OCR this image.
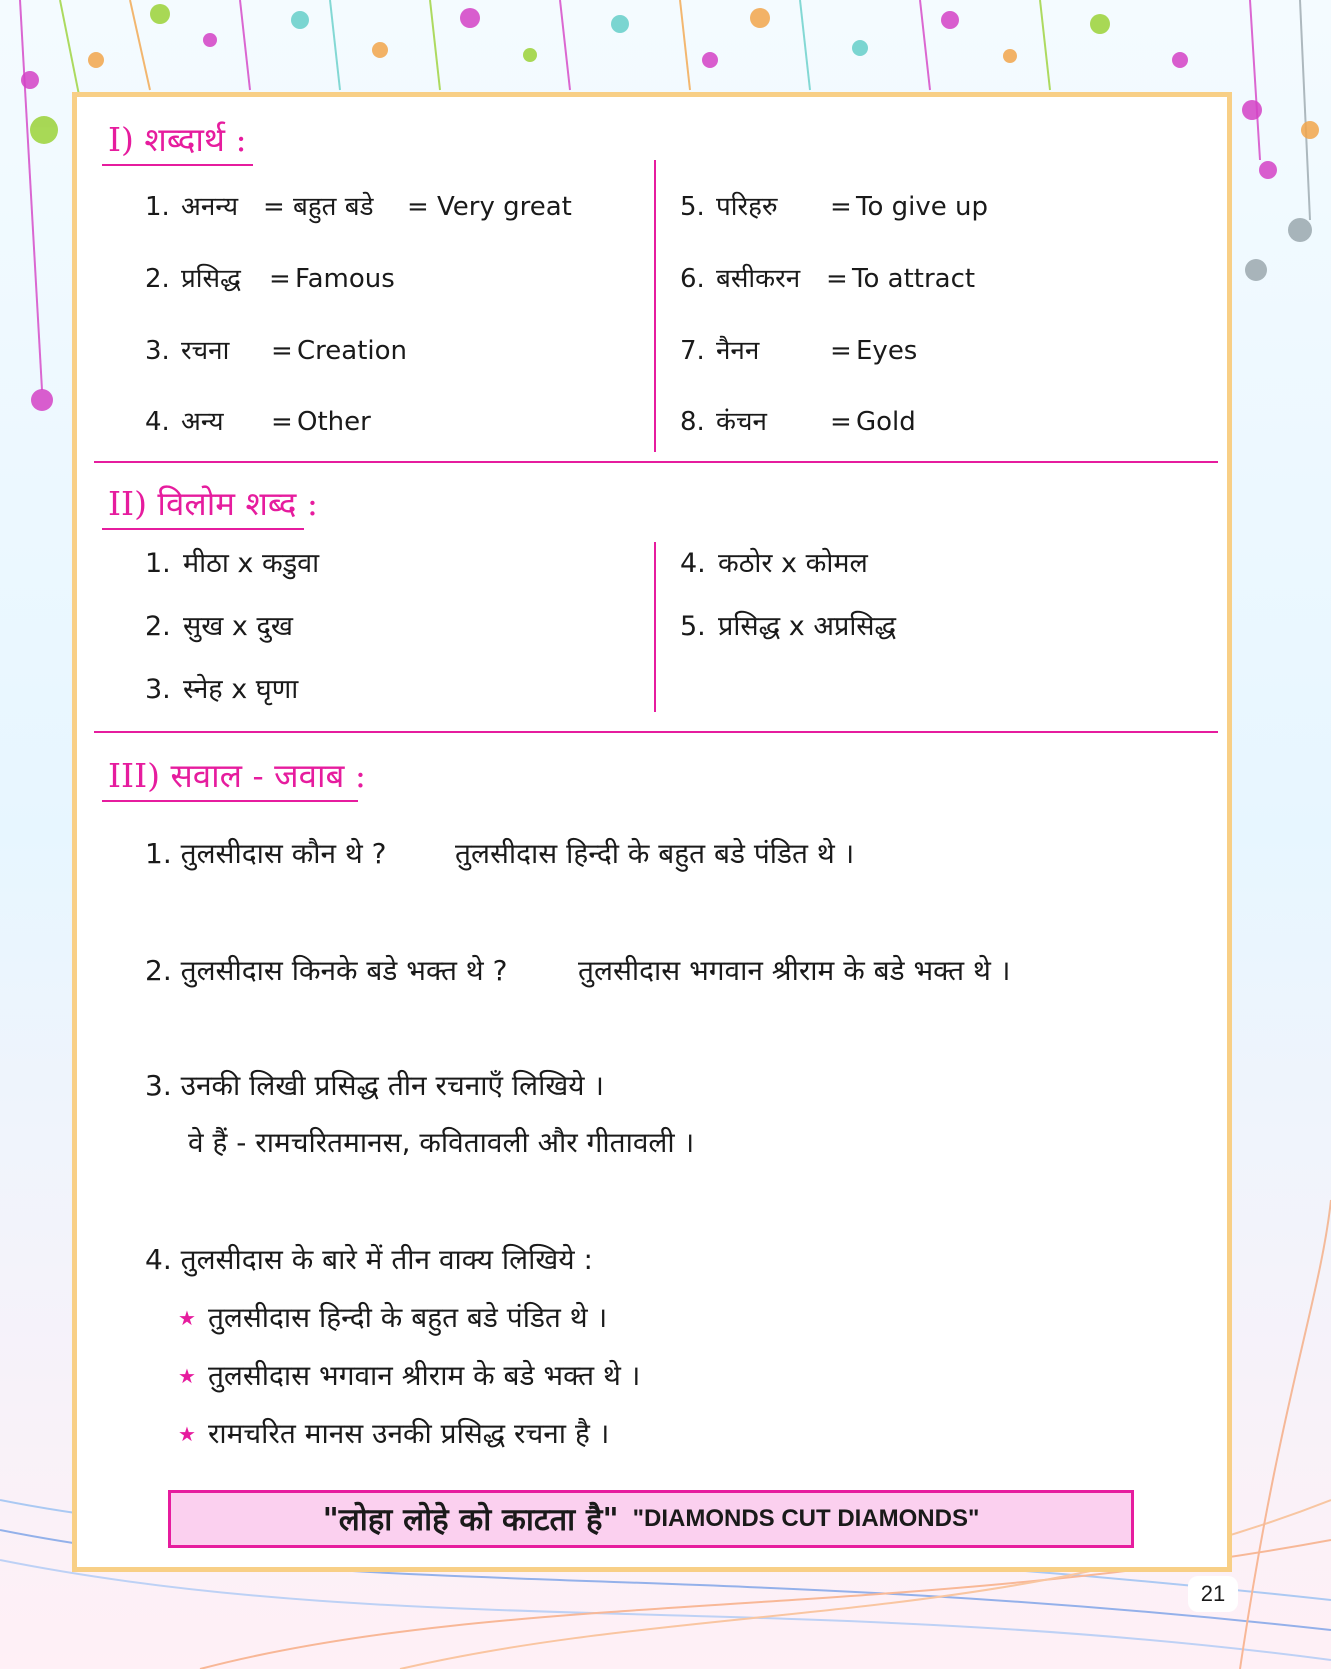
I) शब्दार्थ :
1. अनन्य = बहुत बडे = Very great
2. प्रसिद्ध = Famous
3. रचना = Creation
4. अन्य = Other
5. परिहरु = To give up
6. बसीकरन = To attract
7. नैनन	= Eyes
8. कंचन = Gold
II) विलोम शब्द :
1. मीठा x कडुवा
2. सुख x दुख
3. स्नेह x घृणा
4. कठोर x कोमल
5. प्रसिद्ध x अप्रसिद्ध
III) सवाल - जवाब :
1. तुलसीदास कौन थे ? तुलसीदास हिन्दी के बहुत बडे पंडित थे ।
2. तुलसीदास किनके बडे भक्त थे ?	तुलसीदास भगवान श्रीराम के बडे भक्त थे ।
3. उनकी लिखी प्रसिद्ध तीन रचनाएँ लिखिये ।
वे हैं - रामचरितमानस, कवितावली और गीतावली ।
4. तुलसीदास के बारे में तीन वाक्य लिखिये :
★ तुलसीदास हिन्दी के बहुत बडे पंडित थे ।
★ तुलसीदास भगवान श्रीराम के बडे भक्त थे ।
★ रामचरित मानस उनकी प्रसिद्ध रचना है ।
"लोहा लोहे को काटता है" "DIAMONDS CUT DIAMONDS"
21
